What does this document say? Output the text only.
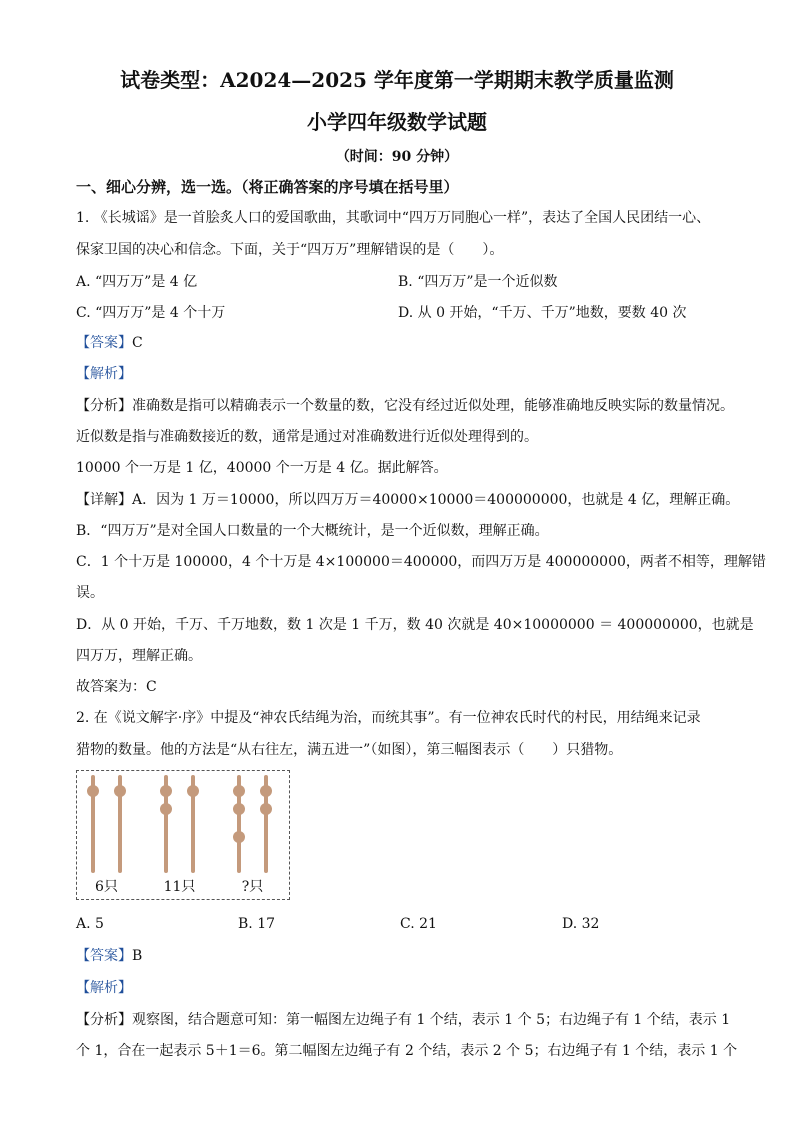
试卷类型：A2024—2025 学年度第一学期期末教学质量监测
小学四年级数学试题
（时间：90 分钟）
一、细心分辨，选一选。（将正确答案的序号填在括号里）
1. 《长城谣》是一首脍炙人口的爱国歌曲，其歌词中“四万万同胞心一样”，表达了全国人民团结一心、
保家卫国的决心和信念。下面，关于“四万万”理解错误的是（　　）。
A. “四万万”是 4 亿	B. “四万万”是一个近似数
C. “四万万”是 4 个十万	D. 从 0 开始，“千万、千万”地数，要数 40 次
【答案】C
【解析】
【分析】准确数是指可以精确表示一个数量的数，它没有经过近似处理，能够准确地反映实际的数量情况。
近似数是指与准确数接近的数，通常是通过对准确数进行近似处理得到的。
10000 个一万是 1 亿，40000 个一万是 4 亿。据此解答。
【详解】A．因为 1 万＝10000，所以四万万＝40000×10000＝400000000，也就是 4 亿，理解正确。
B．“四万万”是对全国人口数量的一个大概统计，是一个近似数，理解正确。
C．1 个十万是 100000，4 个十万是 4×100000＝400000，而四万万是 400000000，两者不相等，理解错
误。
D．从 0 开始，千万、千万地数，数 1 次是 1 千万，数 40 次就是 40×10000000 ＝ 400000000，也就是
四万万，理解正确。
故答案为：C
2. 在《说文解字·序》中提及“神农氏结绳为治，而统其事”。有一位神农氏时代的村民，用结绳来记录
猎物的数量。他的方法是“从右往左，满五进一”（如图），第三幅图表示（　　）只猎物。
6只	11只	?只
A. 5	B. 17	C. 21	D. 32
【答案】B
【解析】
【分析】观察图，结合题意可知：第一幅图左边绳子有 1 个结，表示 1 个 5；右边绳子有 1 个结，表示 1
个 1，合在一起表示 5＋1＝6。第二幅图左边绳子有 2 个结，表示 2 个 5；右边绳子有 1 个结，表示 1 个
